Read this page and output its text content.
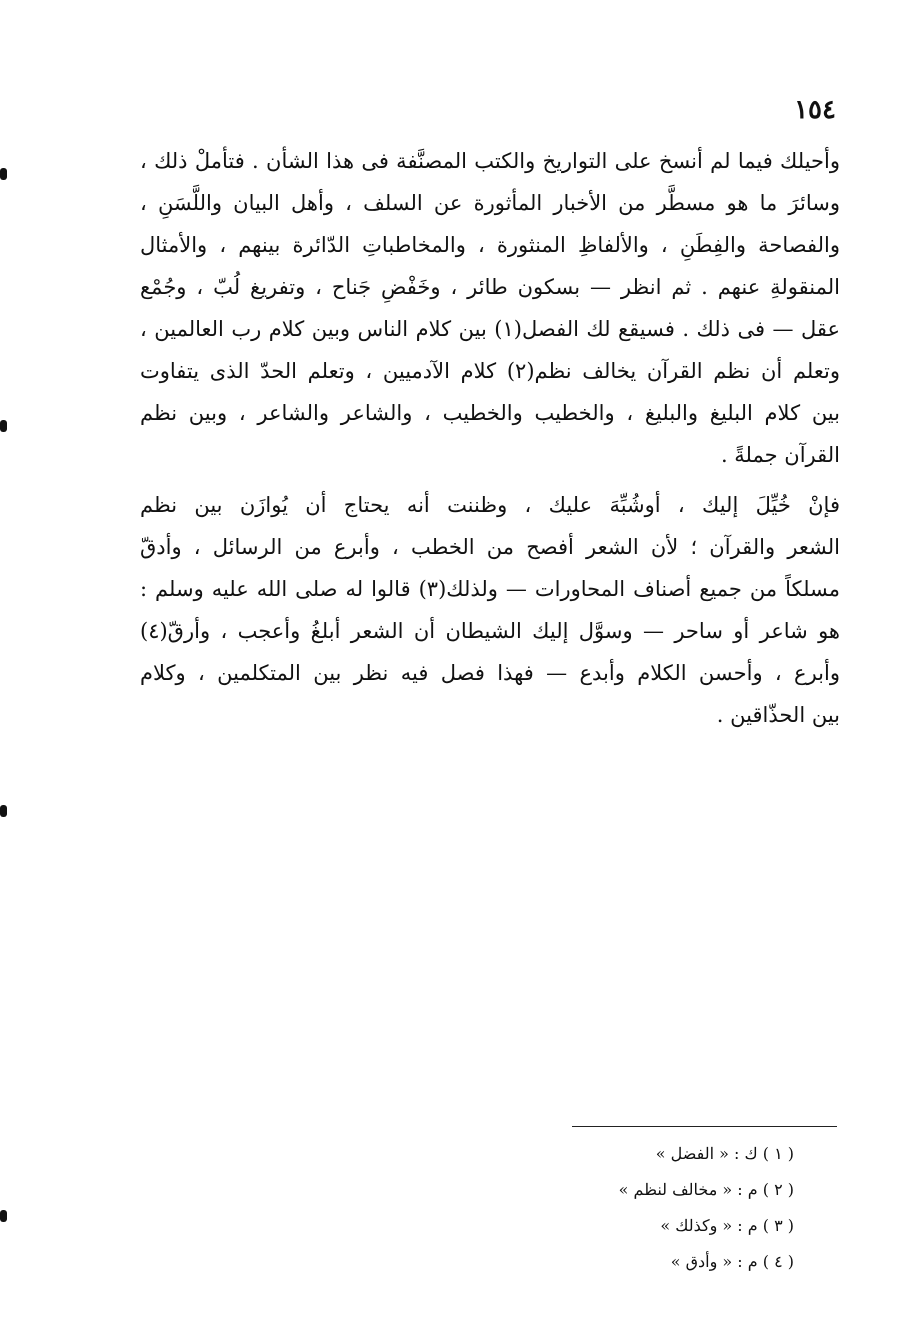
١٥٤
وأحيلك فيما لم أنسخ على التواريخ والكتب المصنَّفة فى هذا الشأن . فتأملْ ذلك ،
وسائرَ ما هو مسطَّر من الأخبار المأثورة عن السلف ، وأهل البيان واللَّسَنِ ،
والفصاحة والفِطَنِ ، والألفاظِ المنثورة ، والمخاطباتِ الدّائرة بينهم ، والأمثال
المنقولةِ عنهم . ثم انظر — بسكون طائر ، وخَفْضِ جَناح ، وتفريغ لُبّ ، وجُمْع
عقل — فى ذلك . فسيقع لك الفصل(١) بين كلام الناس وبين كلام رب العالمين ،
وتعلم أن نظم القرآن يخالف نظم(٢) كلام الآدميين ، وتعلم الحدّ الذى يتفاوت
بين كلام البليغ والبليغ ، والخطيب والخطيب ، والشاعر والشاعر ، وبين نظم
القرآن جملةً .
فإنْ خُيِّلَ إليك ، أوشُبِّهَ عليك ، وظننت أنه يحتاج أن يُوازَن بين نظم
الشعر والقرآن ؛ لأن الشعر أفصح من الخطب ، وأبرع من الرسائل ، وأدقّ
مسلكاً من جميع أصناف المحاورات — ولذلك(٣) قالوا له صلى الله عليه وسلم :
هو شاعر أو ساحر — وسوَّل إليك الشيطان أن الشعر أبلغُ وأعجب ، وأرقّ(٤)
وأبرع ، وأحسن الكلام وأبدع — فهذا فصل فيه نظر بين المتكلمين ، وكلام
بين الحذّاقين .
( ١ ) ك : « الفضل »
( ٢ ) م : « مخالف لنظم »
( ٣ ) م : « وكذلك »
( ٤ ) م : « وأدق »
